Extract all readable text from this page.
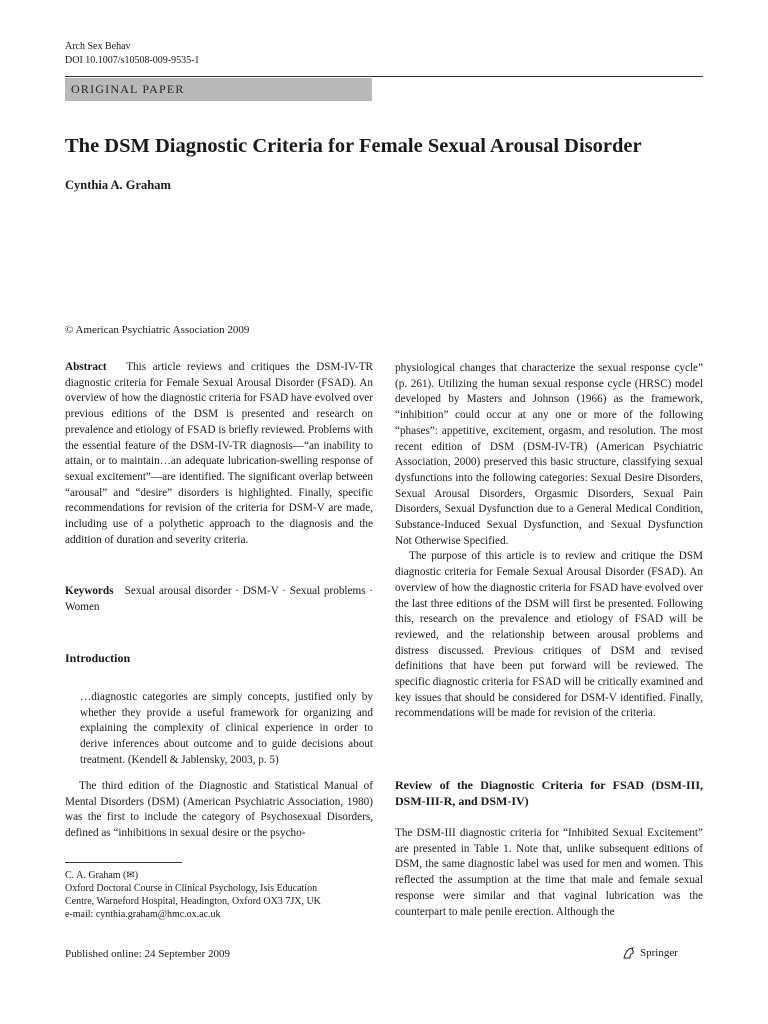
Arch Sex Behav
DOI 10.1007/s10508-009-9535-1
ORIGINAL PAPER
The DSM Diagnostic Criteria for Female Sexual Arousal Disorder
Cynthia A. Graham
© American Psychiatric Association 2009

Abstract This article reviews and critiques the DSM-IV-TR diagnostic criteria for Female Sexual Arousal Disorder (FSAD). An overview of how the diagnostic criteria for FSAD have evolved over previous editions of the DSM is presented and research on prevalence and etiology of FSAD is briefly reviewed. Problems with the essential feature of the DSM-IV-TR diagnosis—“an inability to attain, or to maintain…an adequate lubrication-swelling response of sexual excitement”—are identified. The significant overlap between “arousal” and “desire” disorders is highlighted. Finally, specific recommendations for revision of the criteria for DSM-V are made, including use of a polythetic approach to the diagnosis and the addition of duration and severity criteria.

Keywords Sexual arousal disorder · DSM-V · Sexual problems · Women

Introduction
…diagnostic categories are simply concepts, justified only by whether they provide a useful framework for organizing and explaining the complexity of clinical experience in order to derive inferences about outcome and to guide decisions about treatment. (Kendell & Jablensky, 2003, p. 5)

The third edition of the Diagnostic and Statistical Manual of Mental Disorders (DSM) (American Psychiatric Association, 1980) was the first to include the category of Psychosexual Disorders, defined as “inhibitions in sexual desire or the psycho-

C. A. Graham (✉)
Oxford Doctoral Course in Clinical Psychology, Isis Education
Centre, Warneford Hospital, Headington, Oxford OX3 7JX, UK
e-mail: cynthia.graham@hmc.ox.ac.uk

physiological changes that characterize the sexual response cycle” (p. 261). Utilizing the human sexual response cycle (HRSC) model developed by Masters and Johnson (1966) as the framework, “inhibition” could occur at any one or more of the following “phases”: appetitive, excitement, orgasm, and resolution. The most recent edition of DSM (DSM-IV-TR) (American Psychiatric Association, 2000) preserved this basic structure, classifying sexual dysfunctions into the following categories: Sexual Desire Disorders, Sexual Arousal Disorders, Orgasmic Disorders, Sexual Pain Disorders, Sexual Dysfunction due to a General Medical Condition, Substance-Induced Sexual Dysfunction, and Sexual Dysfunction Not Otherwise Specified.

The purpose of this article is to review and critique the DSM diagnostic criteria for Female Sexual Arousal Disorder (FSAD). An overview of how the diagnostic criteria for FSAD have evolved over the last three editions of the DSM will first be presented. Following this, research on the prevalence and etiology of FSAD will be reviewed, and the relationship between arousal problems and distress discussed. Previous critiques of DSM and revised definitions that have been put forward will be reviewed. The specific diagnostic criteria for FSAD will be critically examined and key issues that should be considered for DSM-V identified. Finally, recommendations will be made for revision of the criteria.

Review of the Diagnostic Criteria for FSAD (DSM-III, DSM-III-R, and DSM-IV)
The DSM-III diagnostic criteria for “Inhibited Sexual Excitement” are presented in Table 1. Note that, unlike subsequent editions of DSM, the same diagnostic label was used for men and women. This reflected the assumption at the time that male and female sexual response were similar and that vaginal lubrication was the counterpart to male penile erection. Although the
Published online: 24 September 2009	Springer
